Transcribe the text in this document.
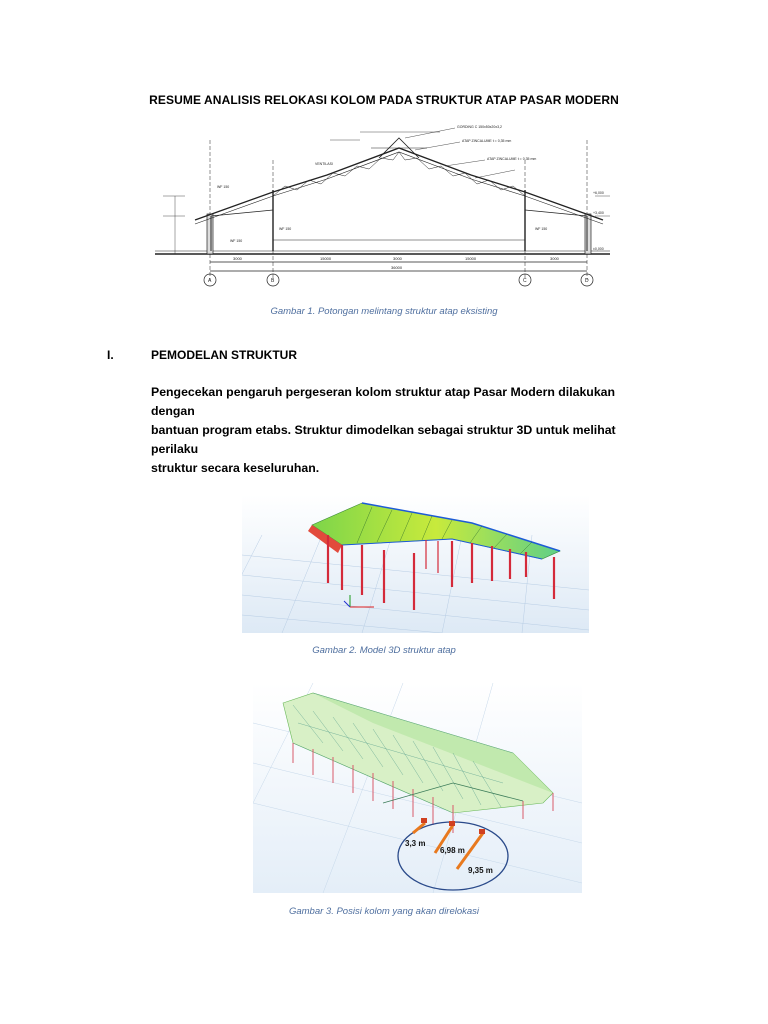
RESUME ANALISIS RELOKASI KOLOM PADA STRUKTUR ATAP PASAR MODERN
A	B	C	D
3000	15000	3000	15000	3000
36000
GORDING C 150x50x20x3,2
ATAP ZINCALUME t = 0,35 mm
ATAP ZINCALUME t = 0,35 mm
VENTILASI
WF 150
WF 150	WF 150
WF 150
+6,000
+3,400
±0,000
Gambar 1. Potongan melintang struktur atap eksisting
I.	PEMODELAN STRUKTUR
Pengecekan pengaruh pergeseran kolom struktur atap Pasar Modern dilakukan dengan
bantuan program etabs. Struktur dimodelkan sebagai struktur 3D untuk melihat perilaku
struktur secara keseluruhan.
Gambar 2. Model 3D struktur atap
3,3 m
6,98 m
9,35 m
Gambar 3. Posisi kolom yang akan direlokasi
